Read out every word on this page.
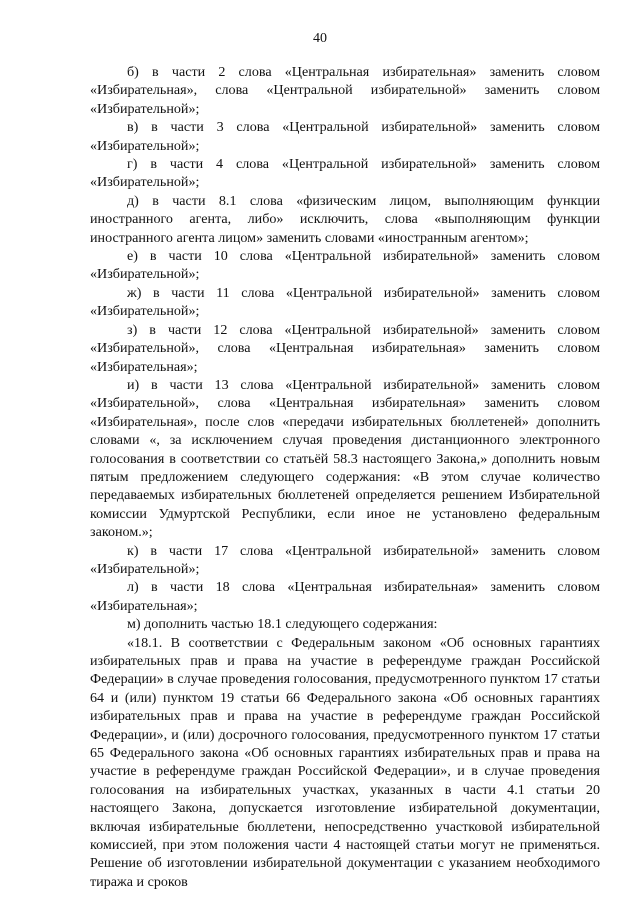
40

б) в части 2 слова «Центральная избирательная» заменить словом «Избирательная», слова «Центральной избирательной» заменить словом «Избирательной»;

в) в части 3 слова «Центральной избирательной» заменить словом «Избирательной»;

г) в части 4 слова «Центральной избирательной» заменить словом «Избирательной»;

д) в части 8.1 слова «физическим лицом, выполняющим функции иностранного агента, либо» исключить, слова «выполняющим функции иностранного агента лицом» заменить словами «иностранным агентом»;

е) в части 10 слова «Центральной избирательной» заменить словом «Избирательной»;

ж) в части 11 слова «Центральной избирательной» заменить словом «Избирательной»;

з) в части 12 слова «Центральной избирательной» заменить словом «Избирательной», слова «Центральная избирательная» заменить словом «Избирательная»;

и) в части 13 слова «Центральной избирательной» заменить словом «Избирательной», слова «Центральная избирательная» заменить словом «Избирательная», после слов «передачи избирательных бюллетеней» дополнить словами «, за исключением случая проведения дистанционного электронного голосования в соответствии со статьёй 58.3 настоящего Закона,» дополнить новым пятым предложением следующего содержания: «В этом случае количество передаваемых избирательных бюллетеней определяется решением Избирательной комиссии Удмуртской Республики, если иное не установлено федеральным законом.»;

к) в части 17 слова «Центральной избирательной» заменить словом «Избирательной»;

л) в части 18 слова «Центральная избирательная» заменить словом «Избирательная»;

м) дополнить частью 18.1 следующего содержания:

«18.1. В соответствии с Федеральным законом «Об основных гарантиях избирательных прав и права на участие в референдуме граждан Российской Федерации» в случае проведения голосования, предусмотренного пунктом 17 статьи 64 и (или) пунктом 19 статьи 66 Федерального закона «Об основных гарантиях избирательных прав и права на участие в референдуме граждан Российской Федерации», и (или) досрочного голосования, предусмотренного пунктом 17 статьи 65 Федерального закона «Об основных гарантиях избирательных прав и права на участие в референдуме граждан Российской Федерации», и в случае проведения голосования на избирательных участках, указанных в части 4.1 статьи 20 настоящего Закона, допускается изготовление избирательной документации, включая избирательные бюллетени, непосредственно участковой избирательной комиссией, при этом положения части 4 настоящей статьи могут не применяться. Решение об изготовлении избирательной документации с указанием необходимого тиража и сроков
